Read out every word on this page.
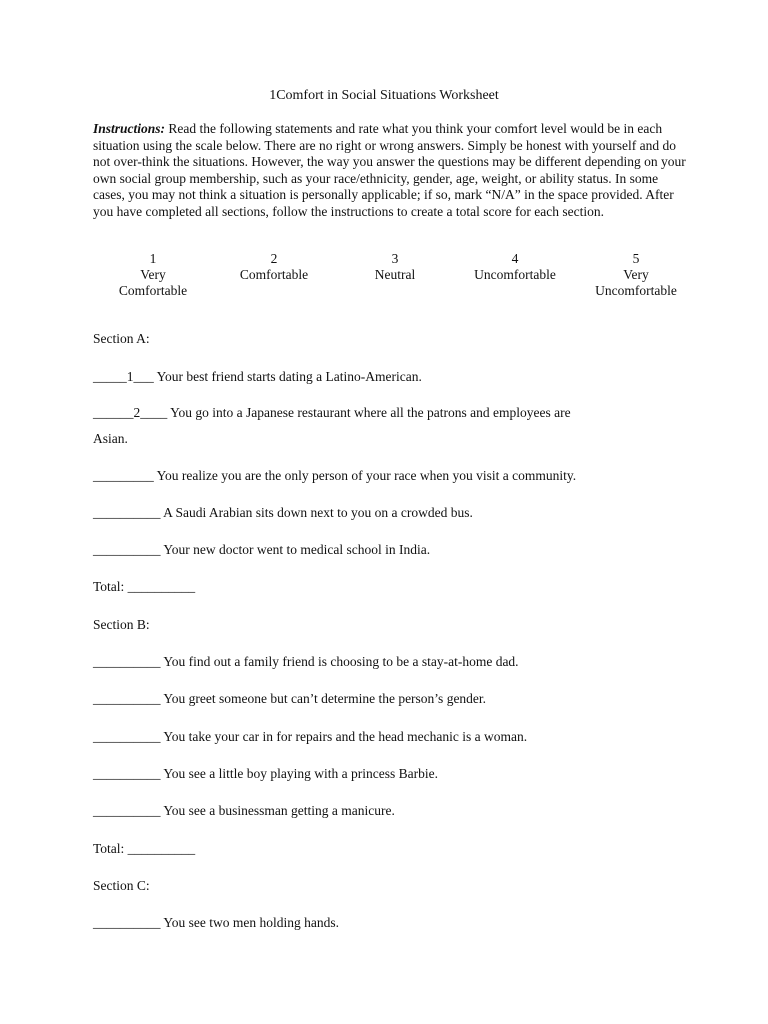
1Comfort in Social Situations Worksheet
Instructions: Read the following statements and rate what you think your comfort level would be in each situation using the scale below. There are no right or wrong answers. Simply be honest with yourself and do not over-think the situations. However, the way you answer the questions may be different depending on your own social group membership, such as your race/ethnicity, gender, age, weight, or ability status. In some cases, you may not think a situation is personally applicable; if so, mark “N/A” in the space provided. After you have completed all sections, follow the instructions to create a total score for each section.
1
Very
Comfortable
2
Comfortable
3
Neutral
4
Uncomfortable
5
Very
Uncomfortable
Section A:
_____1___ Your best friend starts dating a Latino-American.
______2____ You go into a Japanese restaurant where all the patrons and employees are
Asian.
_________ You realize you are the only person of your race when you visit a community.
__________ A Saudi Arabian sits down next to you on a crowded bus.
__________ Your new doctor went to medical school in India.
Total: __________
Section B:
__________ You find out a family friend is choosing to be a stay-at-home dad.
__________ You greet someone but can’t determine the person’s gender.
__________ You take your car in for repairs and the head mechanic is a woman.
__________ You see a little boy playing with a princess Barbie.
__________ You see a businessman getting a manicure.
Total: __________
Section C:
__________ You see two men holding hands.
